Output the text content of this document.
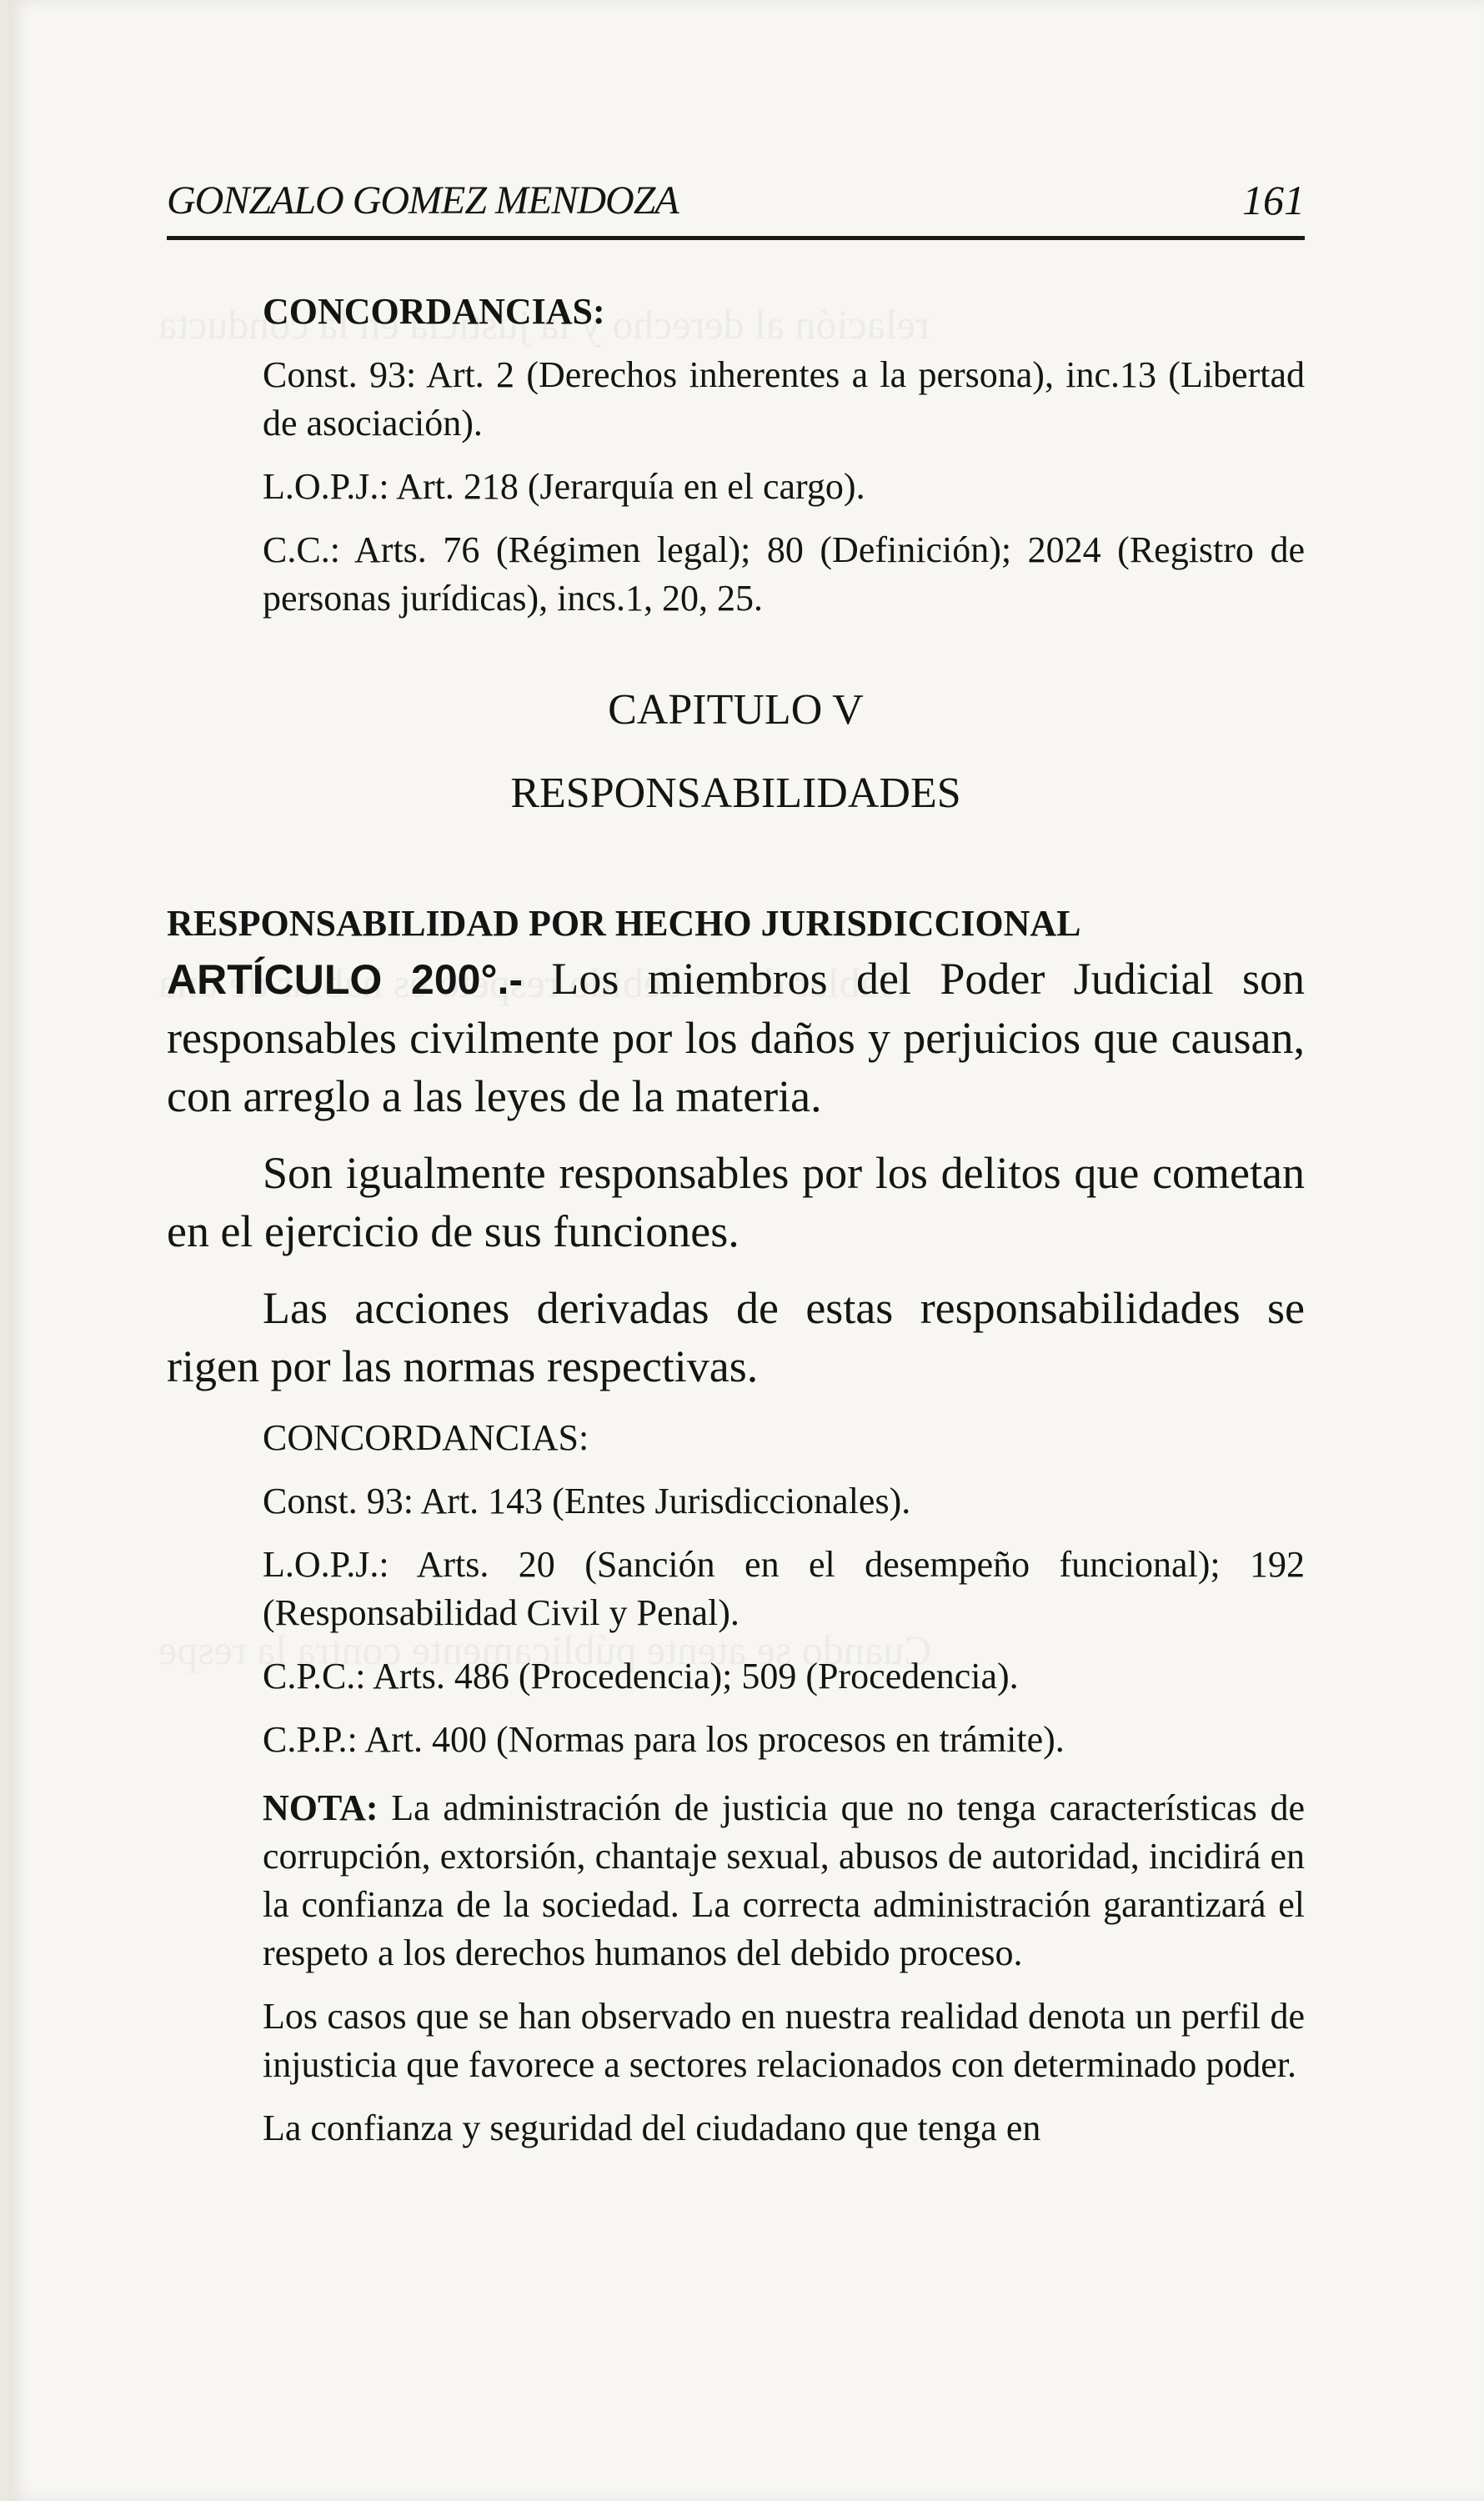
GONZALO GOMEZ MENDOZA	161

CONCORDANCIAS:

Const. 93: Art. 2 (Derechos inherentes a la persona), inc.13 (Libertad de asociación).

L.O.P.J.: Art. 218 (Jerarquía en el cargo).

C.C.: Arts. 76 (Régimen legal); 80 (Definición); 2024 (Registro de personas jurídicas), incs.1, 20, 25.

CAPITULO V

RESPONSABILIDADES

RESPONSABILIDAD POR HECHO JURISDICCIONAL

ARTÍCULO 200°.- Los miembros del Poder Judicial son responsables civilmente por los daños y perjuicios que causan, con arreglo a las leyes de la materia.

Son igualmente responsables por los delitos que cometan en el ejercicio de sus funciones.

Las acciones derivadas de estas responsabilidades se rigen por las normas respectivas.

CONCORDANCIAS:

Const. 93: Art. 143 (Entes Jurisdiccionales).

L.O.P.J.: Arts. 20 (Sanción en el desempeño funcional); 192 (Responsabilidad Civil y Penal).

C.P.C.: Arts. 486 (Procedencia); 509 (Procedencia).

C.P.P.: Art. 400 (Normas para los procesos en trámite).

NOTA: La administración de justicia que no tenga características de corrupción, extorsión, chantaje sexual, abusos de autoridad, incidirá en la confianza de la sociedad. La correcta administración garantizará el respeto a los derechos humanos del debido proceso.

Los casos que se han observado en nuestra realidad denota un perfil de injusticia que favorece a sectores relacionados con determinado poder.

La confianza y seguridad del ciudadano que tenga en
